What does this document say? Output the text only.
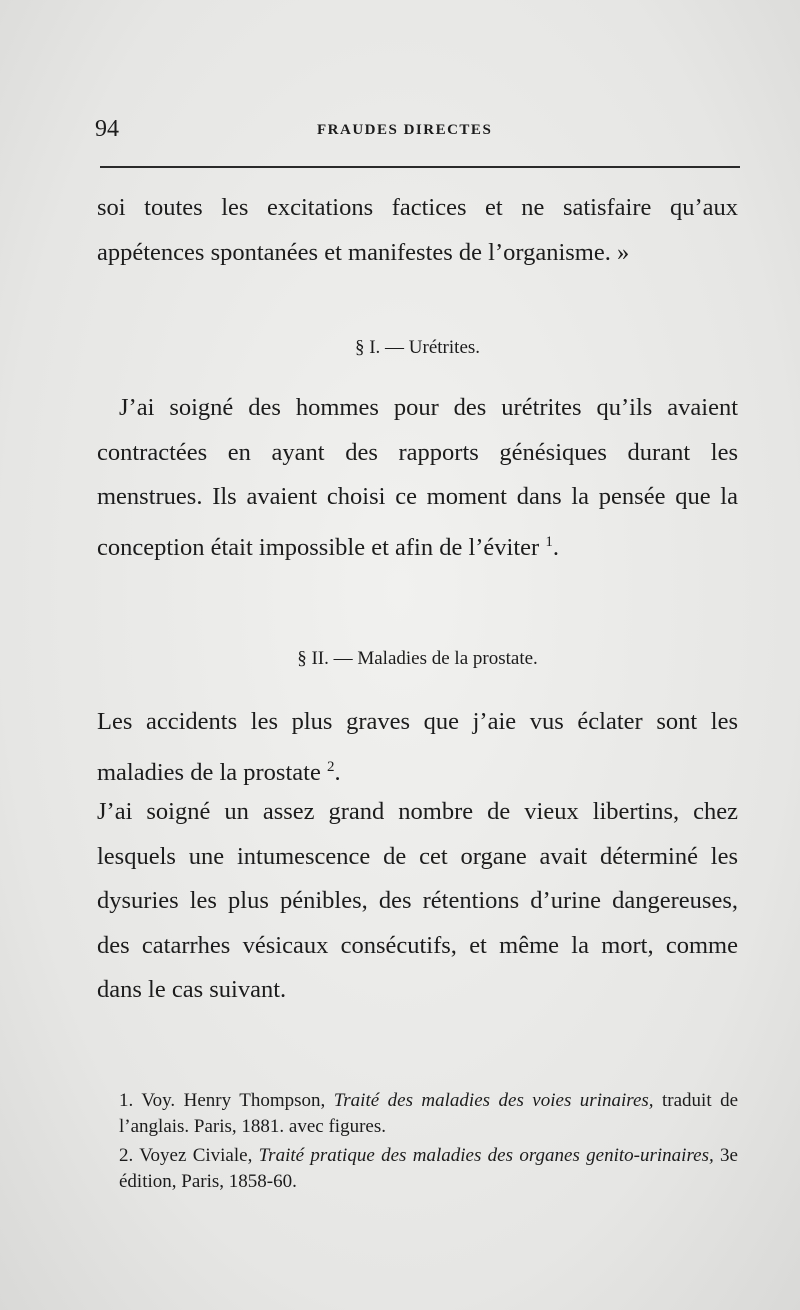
94	FRAUDES DIRECTES

soi toutes les excitations factices et ne satisfaire qu’aux appétences spontanées et manifestes de l’organisme. »

§ I. — Urétrites.

J’ai soigné des hommes pour des urétrites qu’ils avaient contractées en ayant des rapports génésiques durant les menstrues. Ils avaient choisi ce moment dans la pensée que la conception était impossible et afin de l’éviter $^1$.

§ II. — Maladies de la prostate.

Les accidents les plus graves que j’aie vus éclater sont les maladies de la prostate $^2$.

J’ai soigné un assez grand nombre de vieux libertins, chez lesquels une intumescence de cet organe avait déterminé les dysuries les plus pénibles, des rétentions d’urine dangereuses, des catarrhes vésicaux consécutifs, et même la mort, comme dans le cas suivant.

1. Voy. Henry Thompson, Traité des maladies des voies urinaires, traduit de l’anglais. Paris, 1881. avec figures.

2. Voyez Civiale, Traité pratique des maladies des organes genito-urinaires, 3e édition, Paris, 1858-60.
